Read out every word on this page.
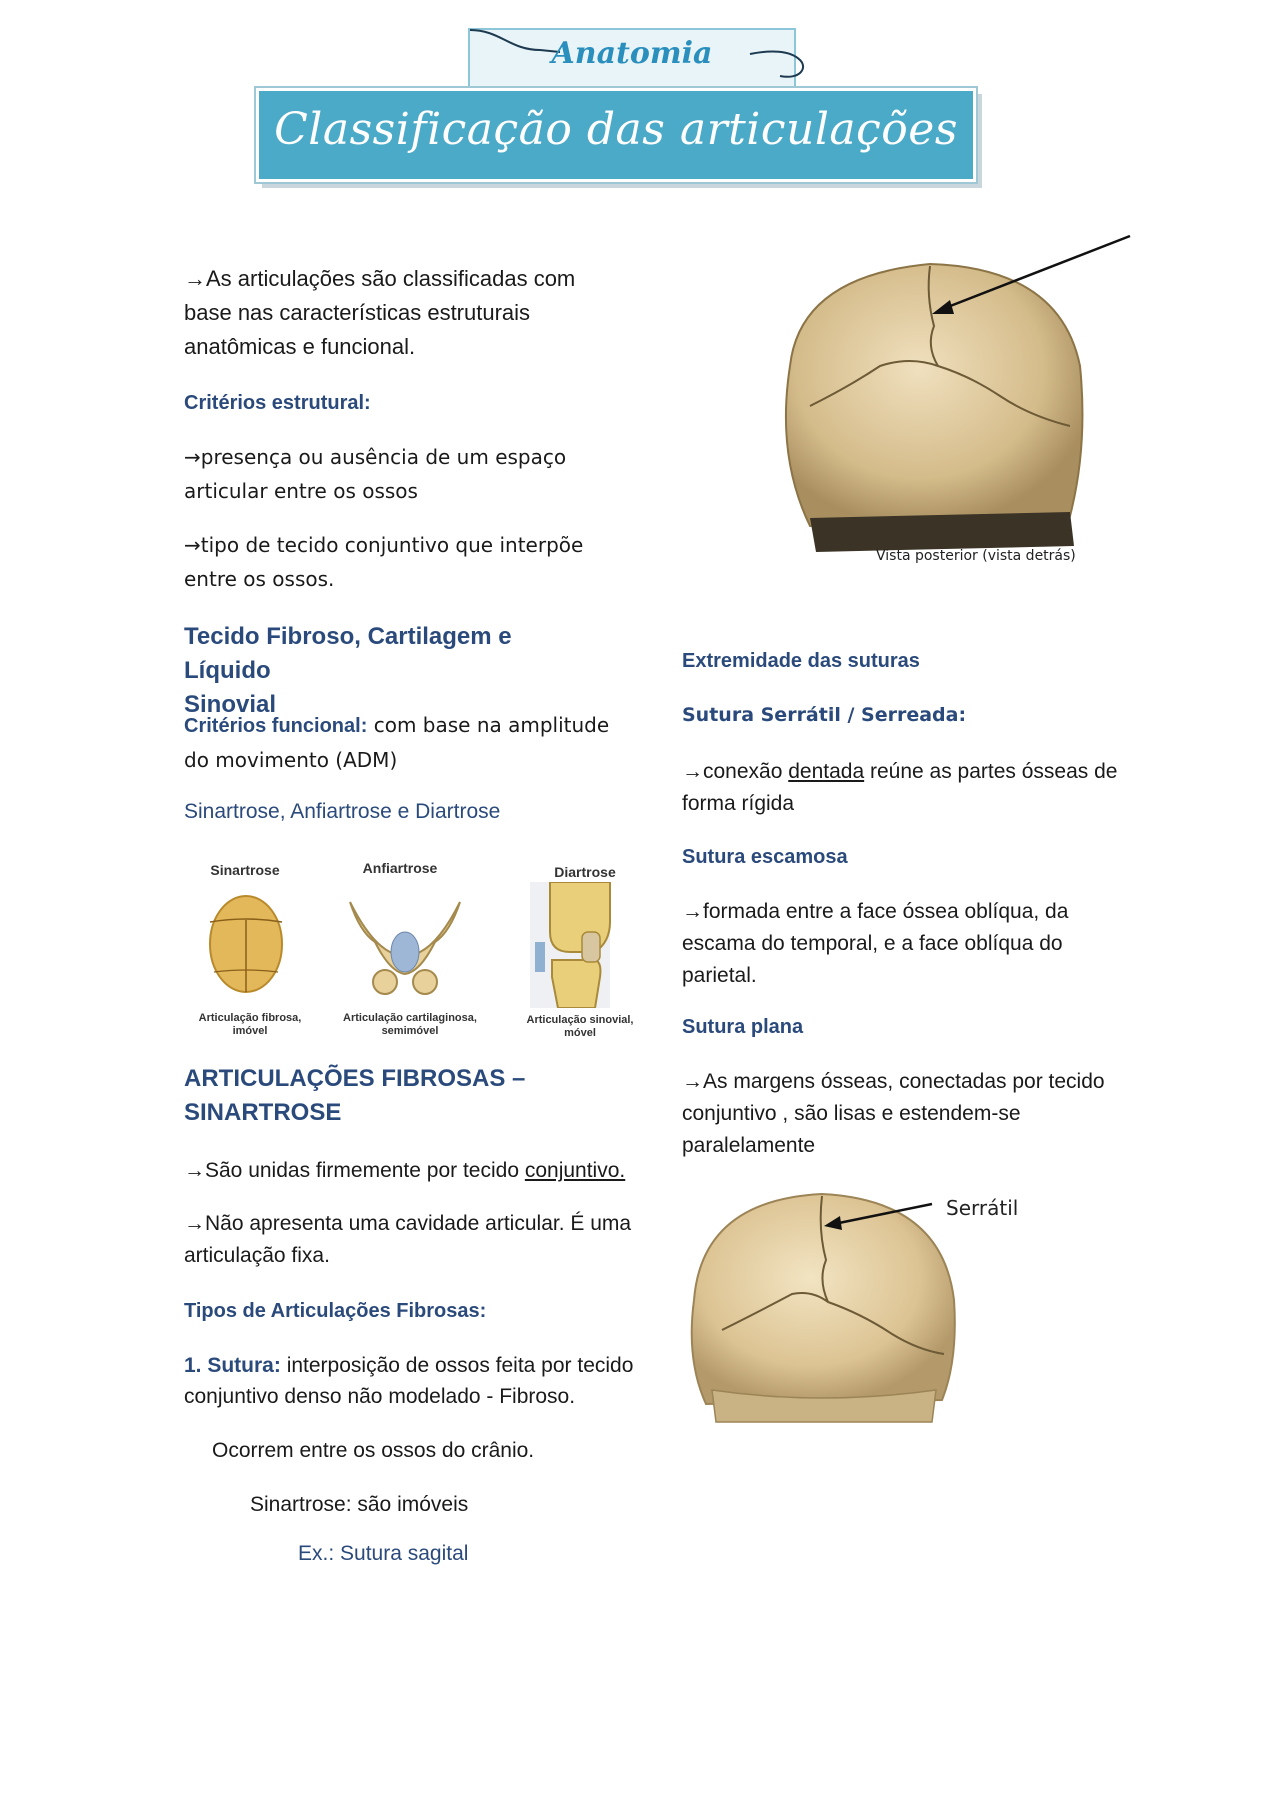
Anatomia
Classificação das articulações
→As articulações são classificadas com
base nas características estruturais
anatômicas e funcional.
Critérios estrutural:
→presença ou ausência de um espaço
articular entre os ossos
→tipo de tecido conjuntivo que interpõe
entre os ossos.
Tecido Fibroso, Cartilagem e Líquido
Sinovial
Critérios funcional: com base na amplitude
do movimento (ADM)
Sinartrose, Anfiartrose e Diartrose
Sinartrose	Anfiartrose	Diartrose
Articulação fibrosa,
imóvel
Articulação cartilaginosa,
semimóvel
Articulação sinovial,
móvel
ARTICULAÇÕES FIBROSAS –
SINARTROSE
→São unidas firmemente por tecido conjuntivo.
→Não apresenta uma cavidade articular. É uma
articulação fixa.
Tipos de Articulações Fibrosas:
1. Sutura: interposição de ossos feita por tecido
conjuntivo denso não modelado - Fibroso.
Ocorrem entre os ossos do crânio.
Sinartrose: são imóveis
Ex.: Sutura sagital
Vista posterior (vista detrás)
Extremidade das suturas
Sutura Serrátil / Serreada:
→conexão dentada reúne as partes ósseas de
forma rígida
Sutura escamosa
→formada entre a face óssea oblíqua, da
escama do temporal, e a face oblíqua do
parietal.
Sutura plana
→As margens ósseas, conectadas por tecido
conjuntivo , são lisas e estendem-se
paralelamente
Serrátil
